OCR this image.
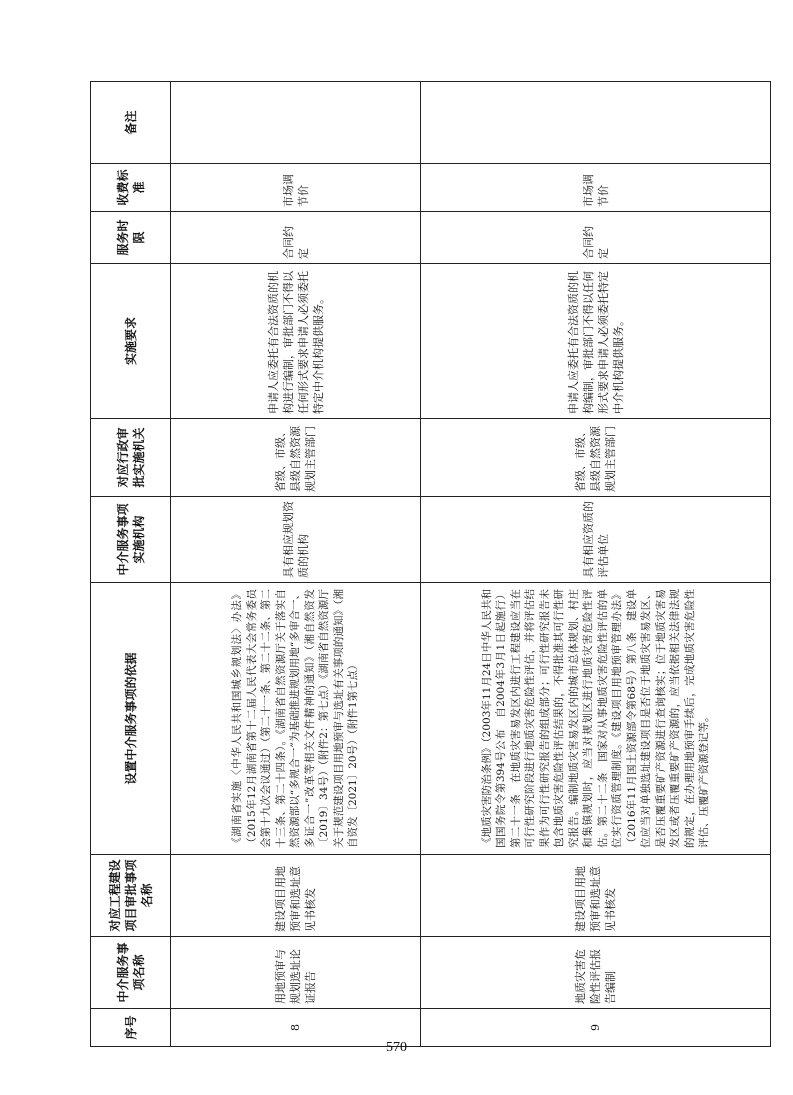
序号	中介服务事项名称	对应工程建设项目审批事项名称	设置中介服务事项的依据	中介服务事项实施机构	对应行政审批实施机关	实施要求	服务时限	收费标准	备注
8	用地预审与规划选址论证报告	建设项目用地预审和选址意见书核发	《湖南省实施〈中华人民共和国城乡规划法〉办法》（2015年12月湖南省第十二届人民代表大会常务委员会第十九次会议通过）（第二十一条、第二十二条、第二十三条、第二十四条）。《湖南省自然资源厅关于落实自然资源部以“多规合一”为基础推进规划用地“多审合一、多证合一”改革等相关文件精神的通知》（湘自然资发〔2019〕34号）（附件2：第七点）《湖南省自然资源厅关于规范建设项目用地预审与选址有关事项的通知》（湘自资发〔2021〕20号）（附件1第七点）	具有相应规划资质的机构	省级、市级、县级自然资源规划主管部门	申请人应委托有合法资质的机构进行编制，审批部门不得以任何形式要求申请人必须委托特定中介机构提供服务。	合同约定	市场调节价	
9	地质灾害危险性评估报告编制	建设项目用地预审和选址意见书核发	《地质灾害防治条例》（2003年11月24日中华人民共和国国务院令第394号公布　自2004年3月1日起施行）第二十一条　在地质灾害易发区内进行工程建设应当在可行性研究阶段进行地质灾害危险性评估，并将评估结果作为可行性研究报告的组成部分；可行性研究报告未包含地质灾害危险性评估结果的，不得批准其可行性研究报告。编制地质灾害易发区内的城市总体规划、村庄和集镇规划时，应当对规划区进行地质灾害危险性评估。第二十二条　国家对从事地质灾害危险性评估的单位实行资质管理制度。《建设项目用地预审管理办法》（2016年11月国土资源部令第68号）第八条　建设单位应当对单独选址建设项目是否位于地质灾害易发区、是否压覆重要矿产资源进行查询核实；位于地质灾害易发区或者压覆重要矿产资源的，应当依据相关法律法规的规定，在办理用地预审手续后，完成地质灾害危险性评估、压覆矿产资源登记等。	具有相应资质的评估单位	省级、市级、县级自然资源规划主管部门	申请人应委托有合法资质的机构编制，审批部门不得以任何形式要求申请人必须委托特定中介机构提供服务。	合同约定	市场调节价	
570
